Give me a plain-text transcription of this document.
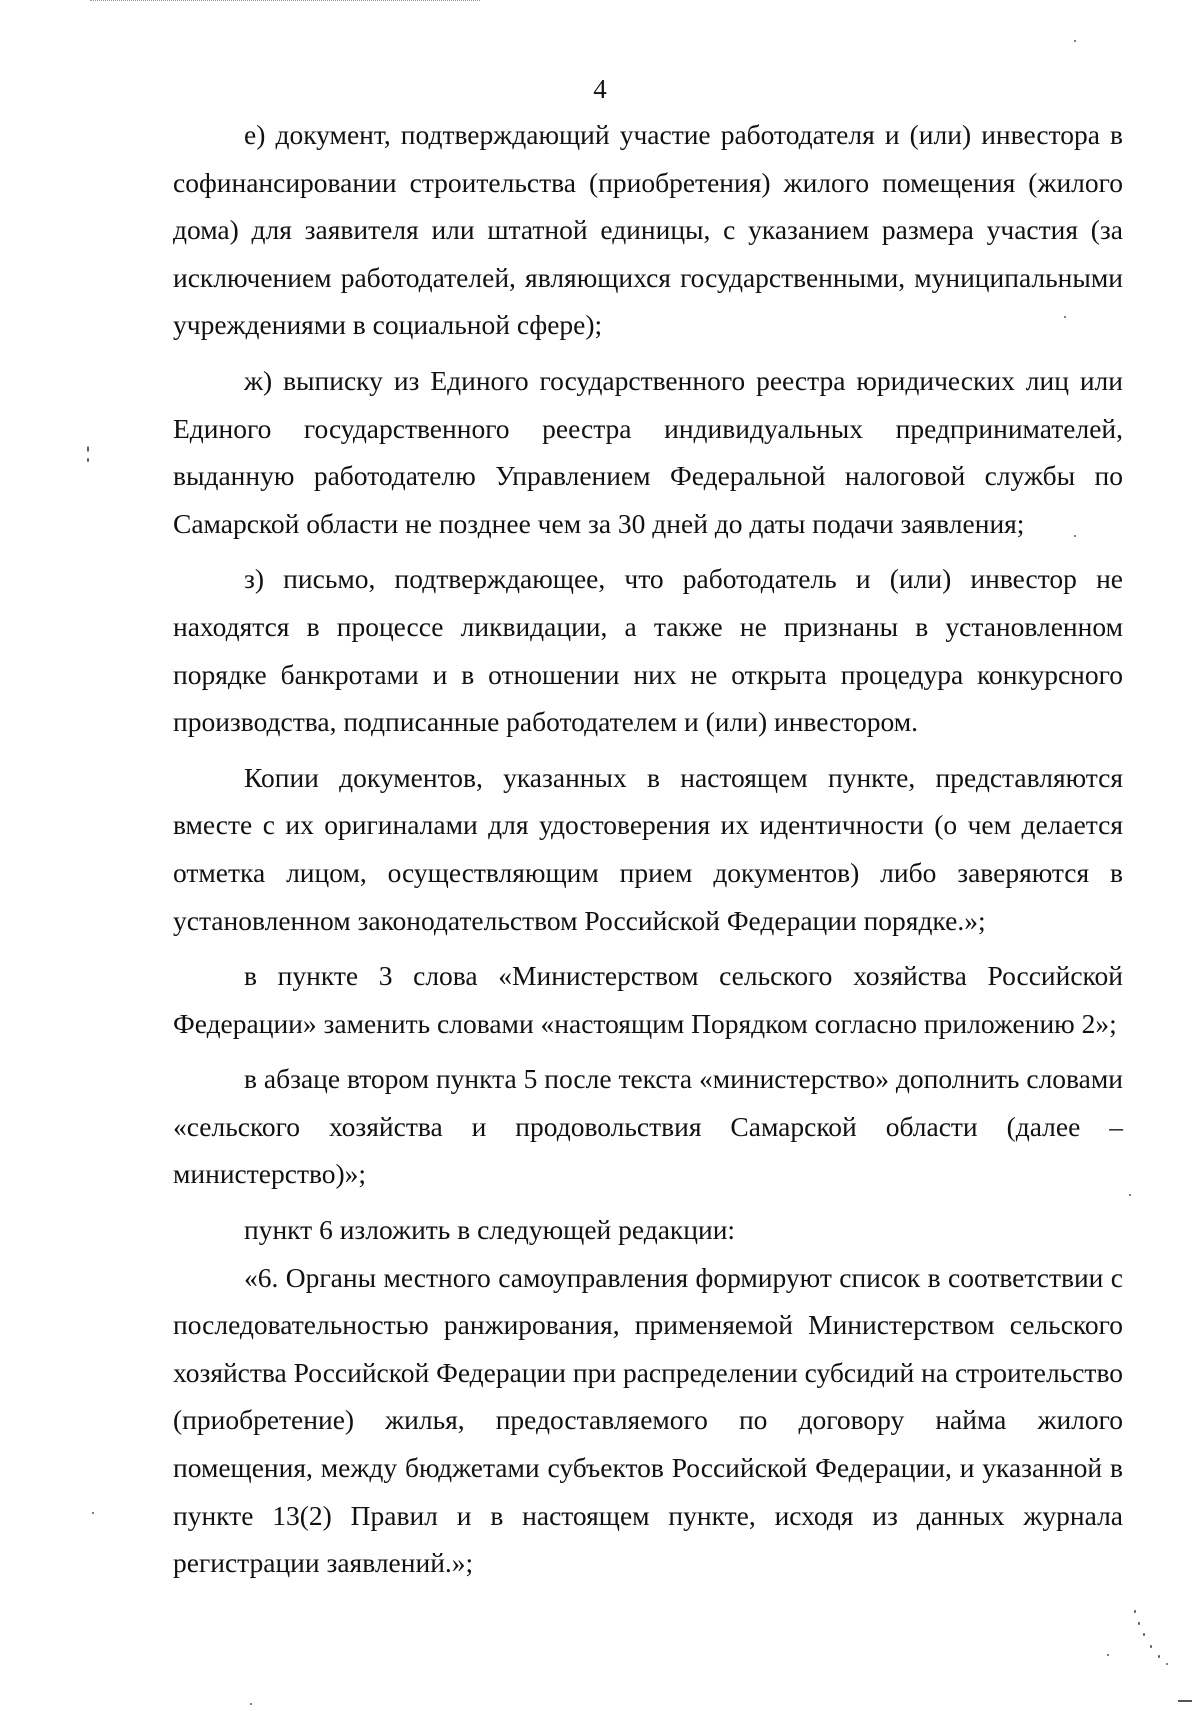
4

е) документ, подтверждающий участие работодателя и (или) инвестора в софинансировании строительства (приобретения) жилого помещения (жилого дома) для заявителя или штатной единицы, с указанием размера участия (за исключением работодателей, являющихся государственными, муниципальными учреждениями в социальной сфере);

ж) выписку из Единого государственного реестра юридических лиц или Единого государственного реестра индивидуальных предпринимателей, выданную работодателю Управлением Федеральной налоговой службы по Самарской области не позднее чем за 30 дней до даты подачи заявления;

з) письмо, подтверждающее, что работодатель и (или) инвестор не находятся в процессе ликвидации, а также не признаны в установленном порядке банкротами и в отношении них не открыта процедура конкурсного производства, подписанные работодателем и (или) инвестором.

Копии документов, указанных в настоящем пункте, представляются вместе с их оригиналами для удостоверения их идентичности (о чем делается отметка лицом, осуществляющим прием документов) либо заверяются в установленном законодательством Российской Федерации порядке.»;

в пункте 3 слова «Министерством сельского хозяйства Российской Федерации» заменить словами «настоящим Порядком согласно приложению 2»;

в абзаце втором пункта 5 после текста «министерство» дополнить словами «сельского хозяйства и продовольствия Самарской области (далее – министерство)»;

пункт 6 изложить в следующей редакции:

«6. Органы местного самоуправления формируют список в соответствии с последовательностью ранжирования, применяемой Министерством сельского хозяйства Российской Федерации при распределении субсидий на строительство (приобретение) жилья, предоставляемого по договору найма жилого помещения, между бюджетами субъектов Российской Федерации, и указанной в пункте 13(2) Правил и в настоящем пункте, исходя из данных журнала регистрации заявлений.»;
